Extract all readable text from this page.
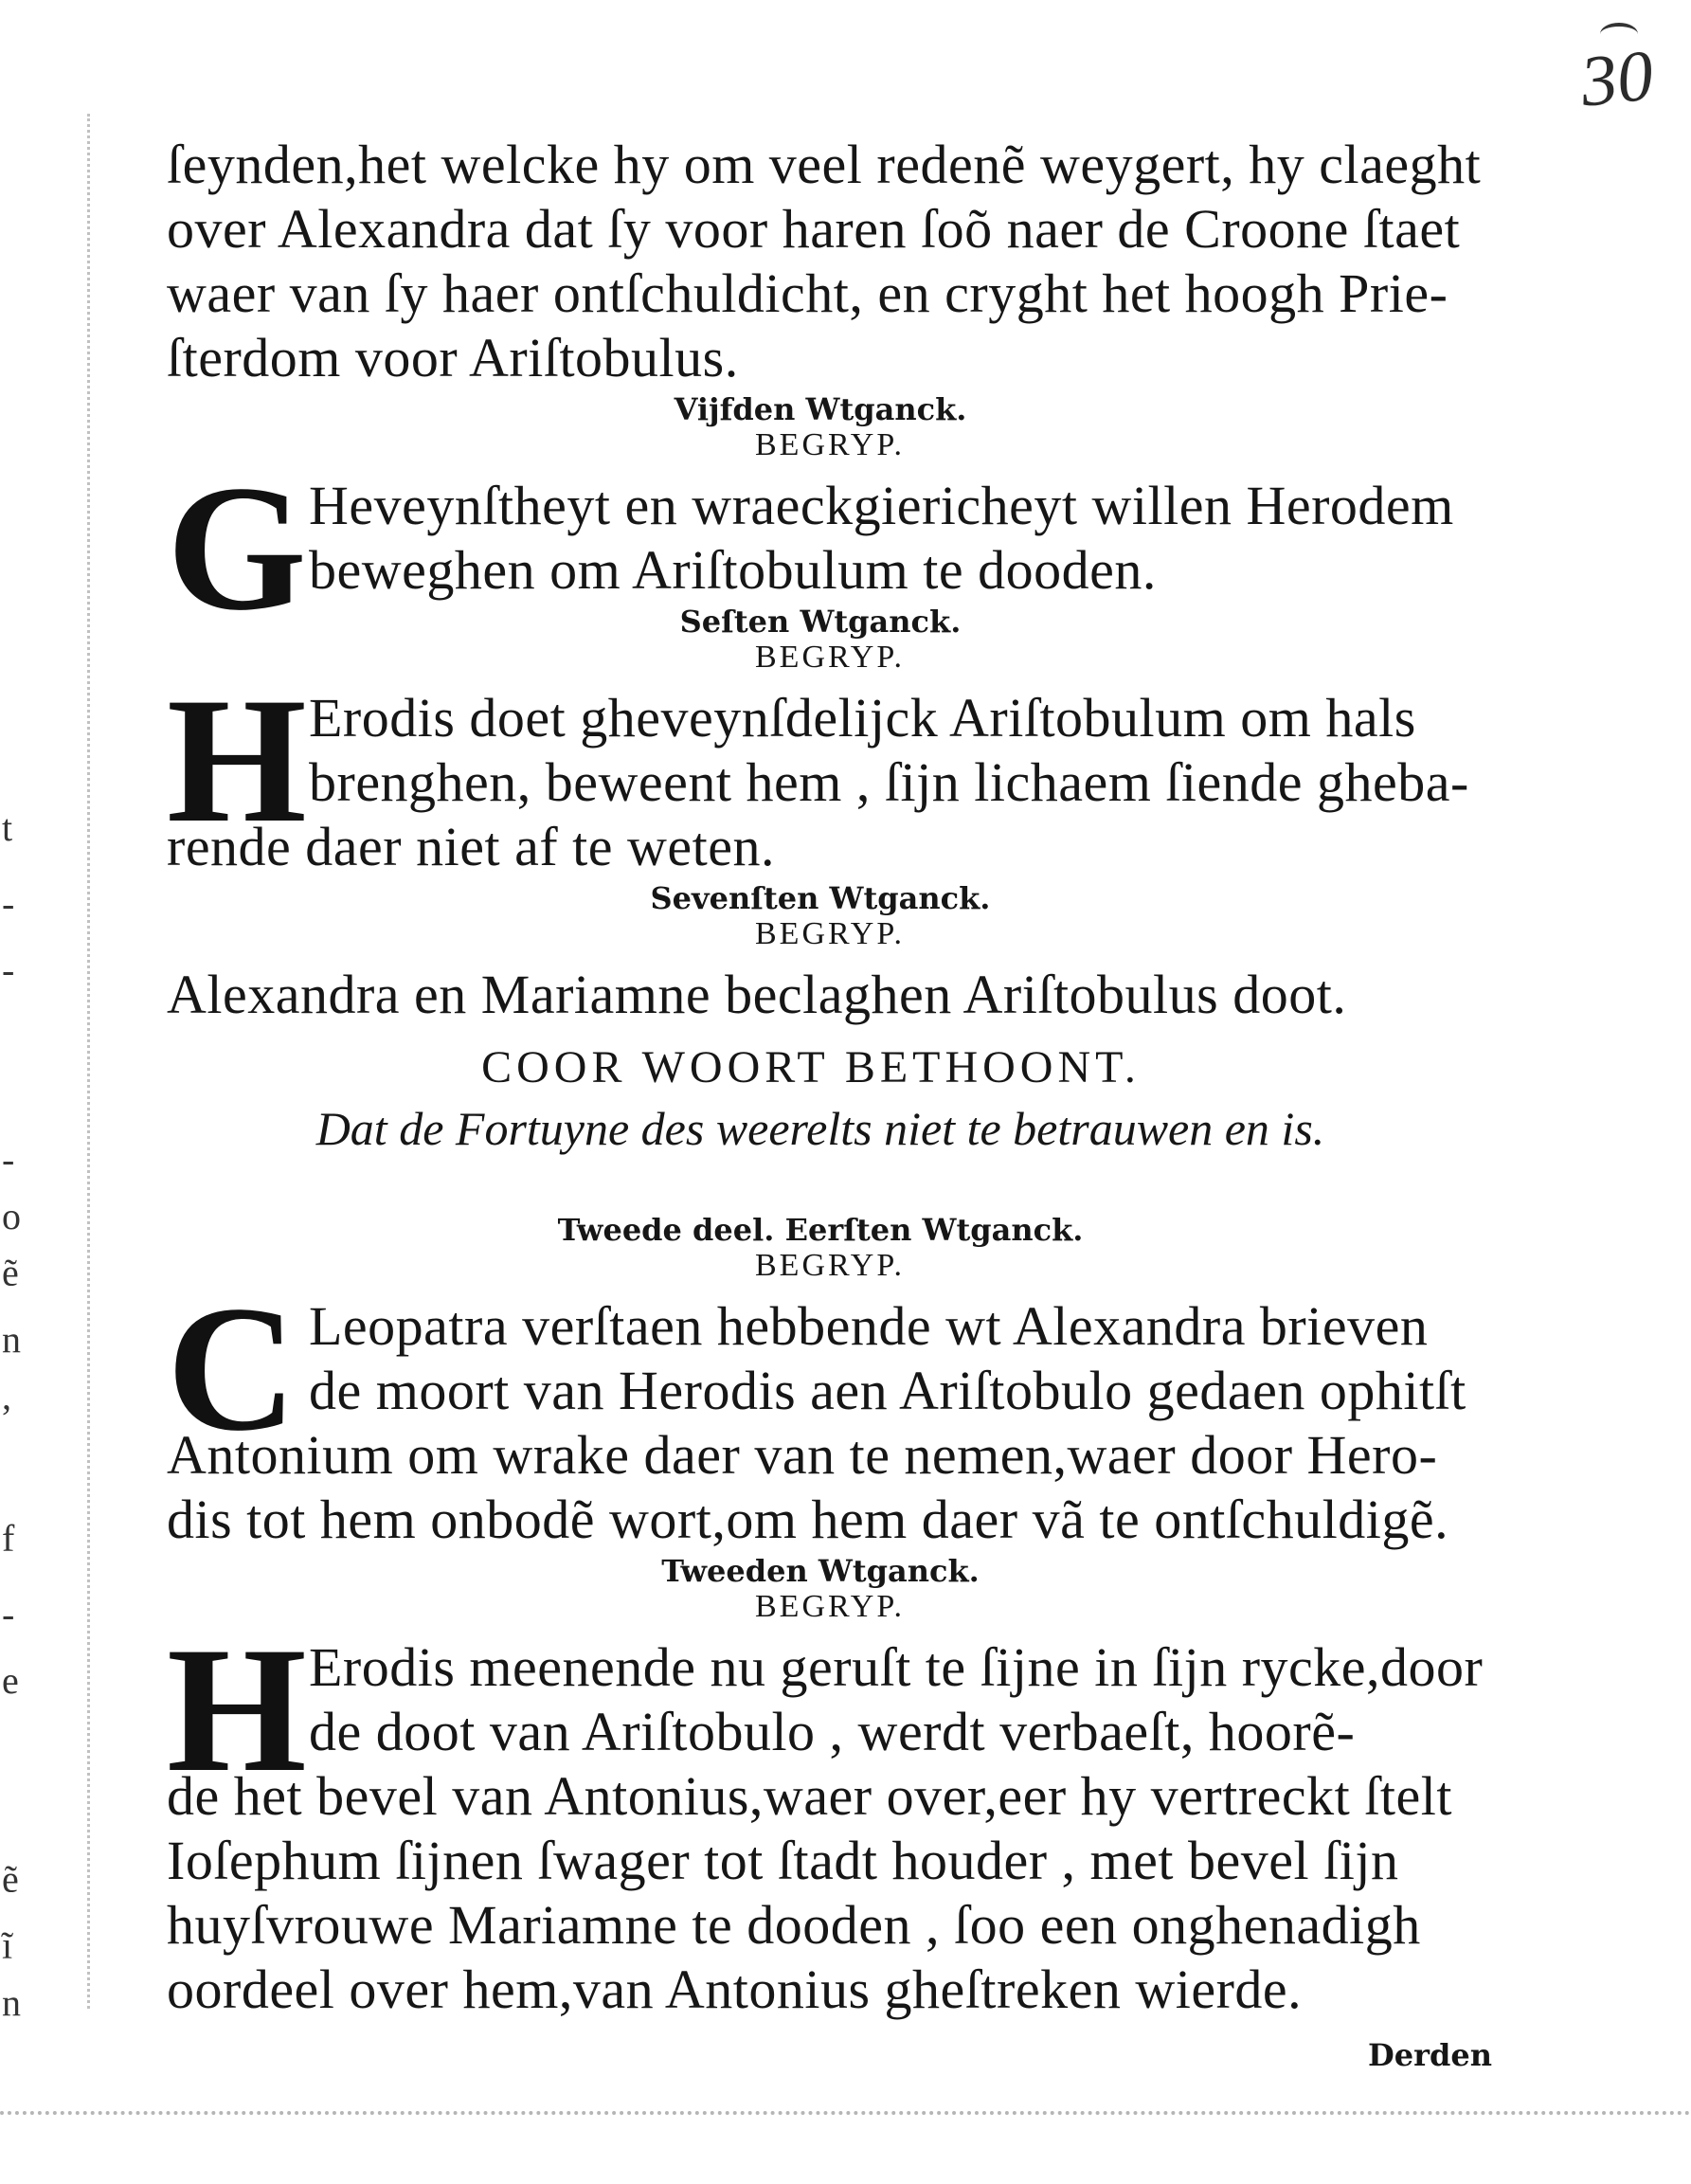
t
-
-
-
o
ẽ
n
,
f
-
e
ẽ
ĩ
n
30
ſeynden,het welcke hy om veel redenẽ weygert, hy claeght
over Alexandra dat ſy voor haren ſoõ naer de Croone ſtaet
waer van ſy haer ontſchuldicht, en cryght het hoogh Prie-
ſterdom voor Ariſtobulus.
Vijfden Wtganck.
BEGRYP.
G Heveynſtheyt en wraeckgiericheyt willen Herodem
beweghen om Ariſtobulum te dooden.
Seſten Wtganck.
BEGRYP.
H Erodis doet gheveynſdelijck Ariſtobulum om hals
brenghen, beweent hem , ſijn lichaem ſiende gheba-
rende daer niet af te weten.
Sevenſten Wtganck.
BEGRYP.
Alexandra en Mariamne beclaghen Ariſtobulus doot.
COOR WOORT BETHOONT.
Dat de Fortuyne des weerelts niet te betrauwen en is.
Tweede deel. Eerſten Wtganck.
BEGRYP.
C Leopatra verſtaen hebbende wt Alexandra brieven
de moort van Herodis aen Ariſtobulo gedaen ophitſt
Antonium om wrake daer van te nemen,waer door Hero-
dis tot hem onbodẽ wort,om hem daer vã te ontſchuldigẽ.
Tweeden Wtganck.
BEGRYP.
H Erodis meenende nu geruſt te ſijne in ſijn rycke,door
de doot van Ariſtobulo , werdt verbaeſt, hoorẽ-
de het bevel van Antonius,waer over,eer hy vertreckt ſtelt
Ioſephum ſijnen ſwager tot ſtadt houder , met bevel ſijn
huyſvrouwe Mariamne te dooden , ſoo een onghenadigh
oordeel over hem,van Antonius gheſtreken wierde.
Derden
